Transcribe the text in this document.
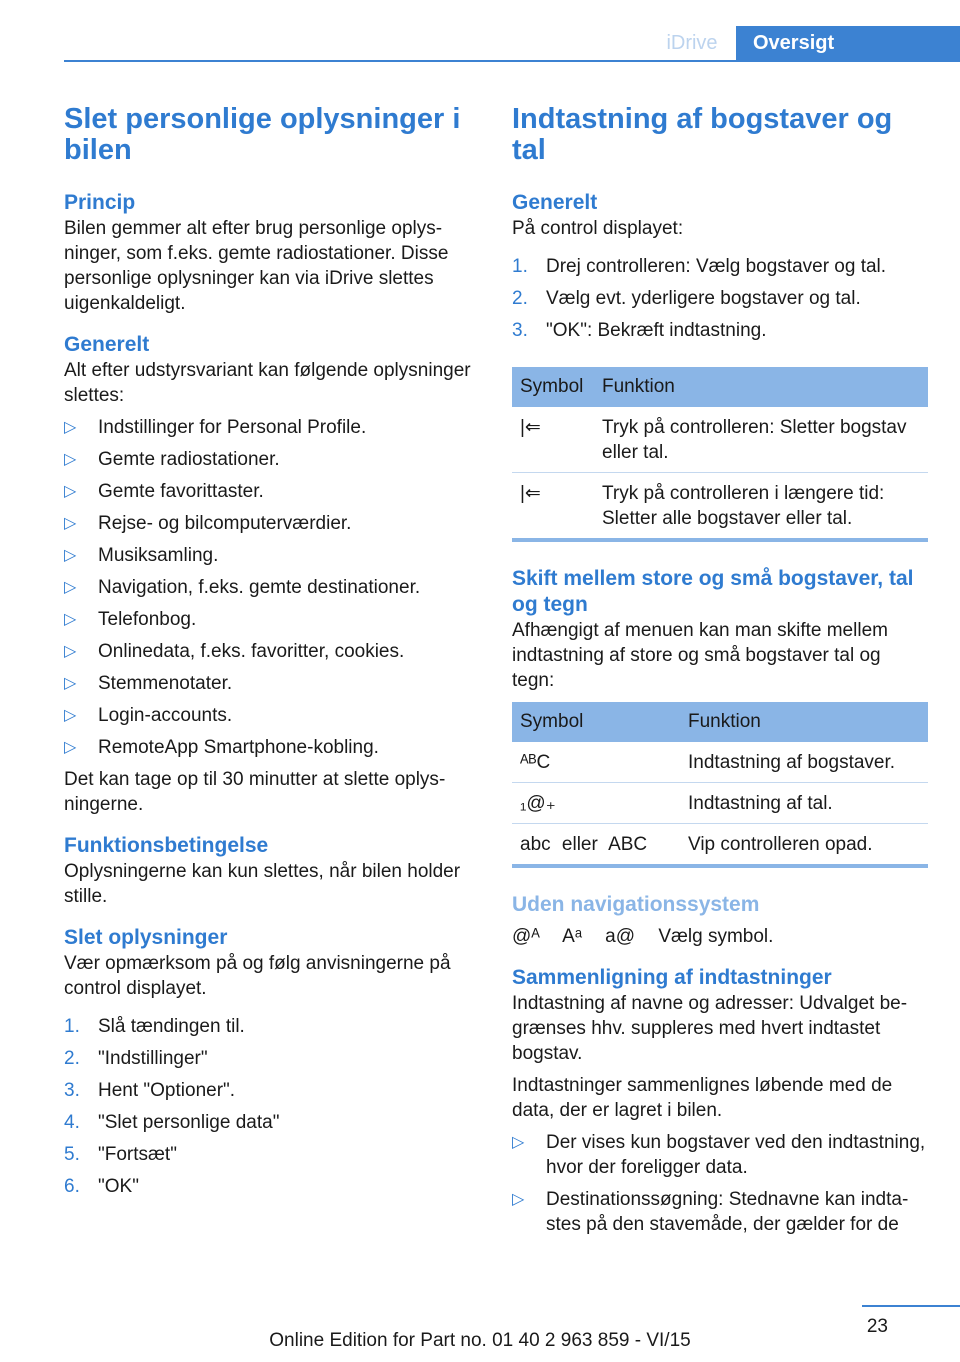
iDrive	Oversigt
Slet personlige oplysninger i bilen
Princip

Bilen gemmer alt efter brug personlige oplysninger, som f.eks. gemte radiostationer. Disse personlige oplysninger kan via iDrive slettes uigenkaldeligt.

Generelt

Alt efter udstyrsvariant kan følgende oplysninger slettes:

▷ Indstillinger for Personal Profile.
▷ Gemte radiostationer.
▷ Gemte favorittaster.
▷ Rejse- og bilcomputerværdier.
▷ Musiksamling.
▷ Navigation, f.eks. gemte destinationer.
▷ Telefonbog.
▷ Onlinedata, f.eks. favoritter, cookies.
▷ Stemmenotater.
▷ Login-accounts.
▷ RemoteApp Smartphone-kobling.

Det kan tage op til 30 minutter at slette oplysningerne.

Funktionsbetingelse

Oplysningerne kan kun slettes, når bilen holder stille.

Slet oplysninger

Vær opmærksom på og følg anvisningerne på control displayet.

1. Slå tændingen til.
2. "Indstillinger"
3. Hent "Optioner".
4. "Slet personlige data"
5. "Fortsæt"
6. "OK"
Indtastning af bogstaver og tal
Generelt

På control displayet:

1. Drej controlleren: Vælg bogstaver og tal.
2. Vælg evt. yderligere bogstaver og tal.
3. "OK": Bekræft indtastning.
Symbol	Funktion
|⇐	Tryk på controlleren: Sletter bogstav eller tal.
|⇐	Tryk på controlleren i længere tid: Sletter alle bogstaver eller tal.
Skift mellem store og små bogstaver, tal og tegn

Afhængigt af menuen kan man skifte mellem indtastning af store og små bogstaver tal og tegn:

Symbol	Funktion
ᴬᴮC	Indtastning af bogstaver.
₁@₊	Indtastning af tal.
abc eller ABC	Vip controlleren opad.
Uden navigationssystem
@ᴬ Aᵃ a@ Vælg symbol.
Sammenligning af indtastninger

Indtastning af navne og adresser: Udvalget begrænses hhv. suppleres med hvert indtastet bogstav.

Indtastninger sammenlignes løbende med de data, der er lagret i bilen.

▷ Der vises kun bogstaver ved den indtastning, hvor der foreligger data.
▷ Destinationssøgning: Stednavne kan indtastes på den stavemåde, der gælder for de
23
Online Edition for Part no. 01 40 2 963 859 - VI/15
